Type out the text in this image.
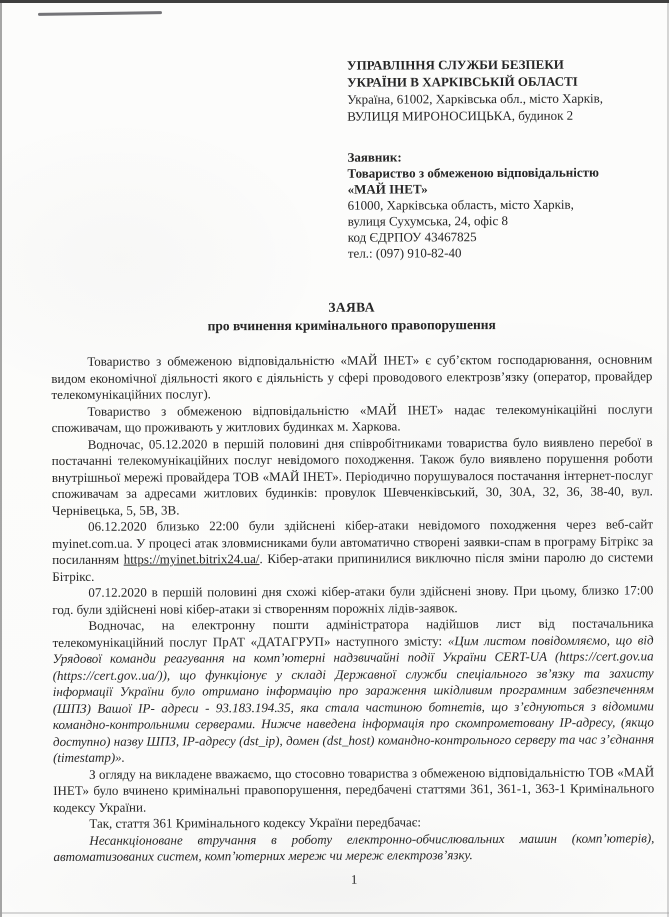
УПРАВЛІННЯ СЛУЖБИ БЕЗПЕКИ
УКРАЇНИ В ХАРКІВСЬКІЙ ОБЛАСТІ
Україна, 61002, Харківська обл., місто Харків,
ВУЛИЦЯ МИРОНОСИЦЬКА, будинок 2
Заявник:
Товариство з обмеженою відповідальністю
«МАЙ ІНЕТ»
61000, Харківська область, місто Харків,
вулиця Сухумська, 24, офіс 8
код ЄДРПОУ 43467825
тел.: (097) 910-82-40
ЗАЯВА
про вчинення кримінального правопорушення

Товариство з обмеженою відповідальністю «МАЙ ІНЕТ» є суб’єктом господарювання, основним видом економічної діяльності якого є діяльність у сфері проводового електрозв’язку (оператор, провайдер телекомунікаційних послуг).

Товариство з обмеженою відповідальністю «МАЙ ІНЕТ» надає телекомунікаційні послуги споживачам, що проживають у житлових будинках м. Харкова.

Водночас, 05.12.2020 в першій половині дня співробітниками товариства було виявлено перебої в постачанні телекомунікаційних послуг невідомого походження. Також було виявлено порушення роботи внутрішньої мережі провайдера ТОВ «МАЙ ІНЕТ». Періодично порушувалося постачання інтернет-послуг споживачам за адресами житлових будинків: провулок Шевченківський, 30, 30А, 32, 36, 38-40, вул. Чернівецька, 5, 5В, 3В.

06.12.2020 близько 22:00 були здійснені кібер-атаки невідомого походження через веб-сайт myinet.com.ua. У процесі атак зловмисниками були автоматично створені заявки-спам в програму Бітрікс за посиланням https://myinet.bitrix24.ua/. Кібер-атаки припинилися виключно після зміни паролю до системи Бітрікс.

07.12.2020 в першій половині дня схожі кібер-атаки були здійснені знову. При цьому, близко 17:00 год. були здійснені нові кібер-атаки зі створенням порожніх лідів-заявок.

Водночас, на електронну пошти адміністратора надійшов лист від постачальника телекомунікаційний послуг ПрАТ «ДАТАГРУП» наступного змісту: «Цим листом повідомляємо, що від Урядової команди реагування на комп’ютерні надзвичайні події України CERT-UA (https://cert.gov.ua (https://cert.gov..ua/)), що функціонує у складі Державної служби спеціального зв’язку та захисту інформації України було отримано інформацію про зараження шкідливим програмним забезпеченням (ШПЗ) Вашої ІР- адреси - 93.183.194.35, яка стала частиною ботнетів, що з’єднуються з відомими командно-контрольними серверами. Нижче наведена інформація про скомпрометовану ІР-адресу, (якщо доступно) назву ШПЗ, ІР-адресу (dst_ip), домен (dst_host) командно-контрольного серверу та час з’єднання (timestamp)».

З огляду на викладене вважаємо, що стосовно товариства з обмеженою відповідальністю ТОВ «МАЙ ІНЕТ» було вчинено кримінальні правопорушення, передбачені статтями 361, 361-1, 363-1 Кримінального кодексу України.

Так, стаття 361 Кримінального кодексу України передбачає:

Несанкціоноване втручання в роботу електронно-обчислювальних машин (комп’ютерів), автоматизованих систем, комп’ютерних мереж чи мереж електрозв’язку.

1
